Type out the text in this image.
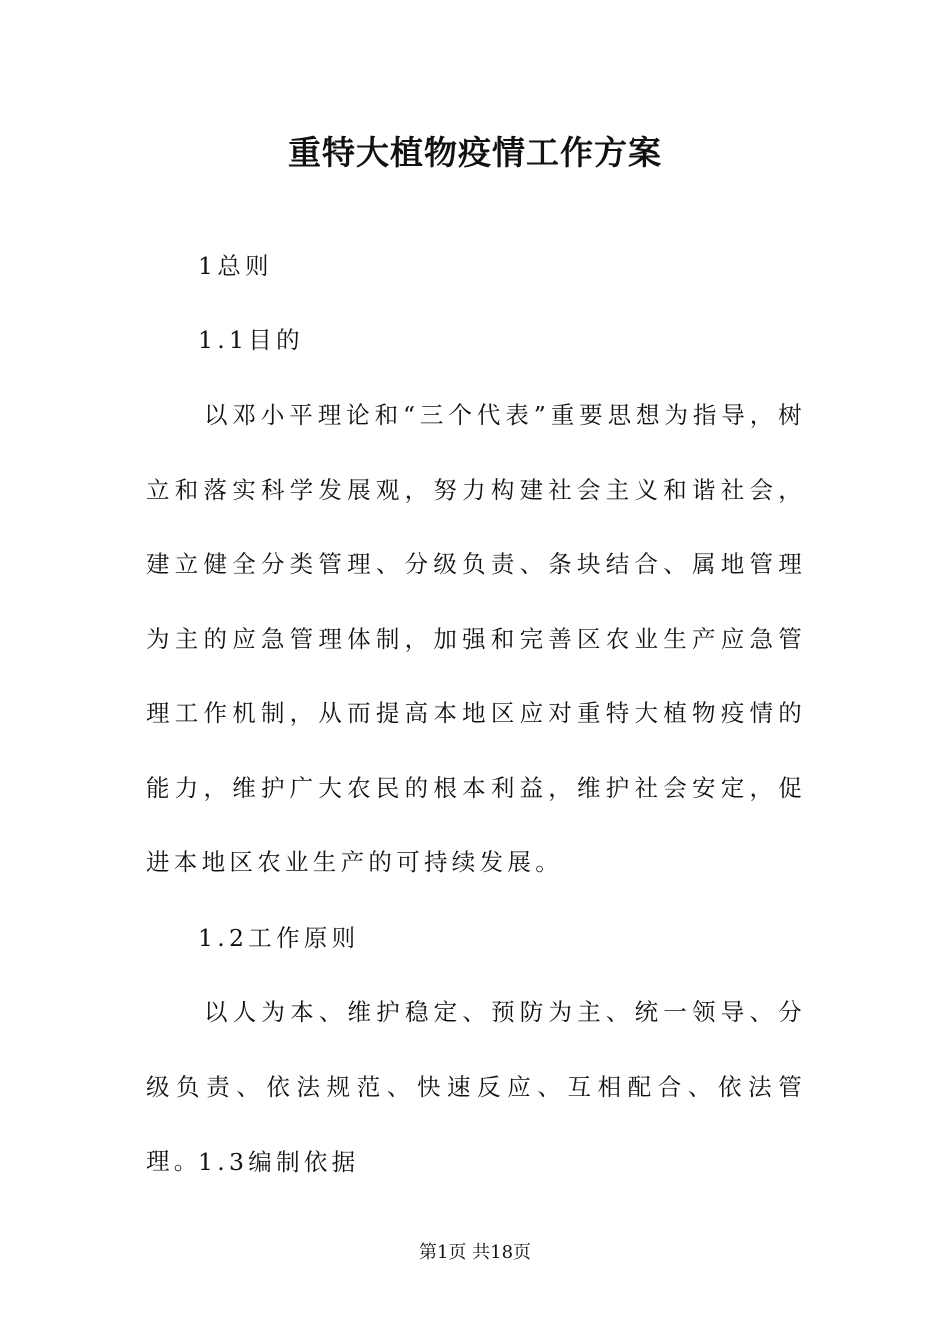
重特大植物疫情工作方案
1总则
1.1目的
以邓小平理论和“三个代表”重要思想为指导，树立和落实科学发展观，努力构建社会主义和谐社会，建立健全分类管理、分级负责、条块结合、属地管理为主的应急管理体制，加强和完善区农业生产应急管理工作机制，从而提高本地区应对重特大植物疫情的能力，维护广大农民的根本利益，维护社会安定，促进本地区农业生产的可持续发展。
1.2工作原则
以人为本、维护稳定、预防为主、统一领导、分级负责、依法规范、快速反应、互相配合、依法管理。
1.3编制依据
第1页 共18页
